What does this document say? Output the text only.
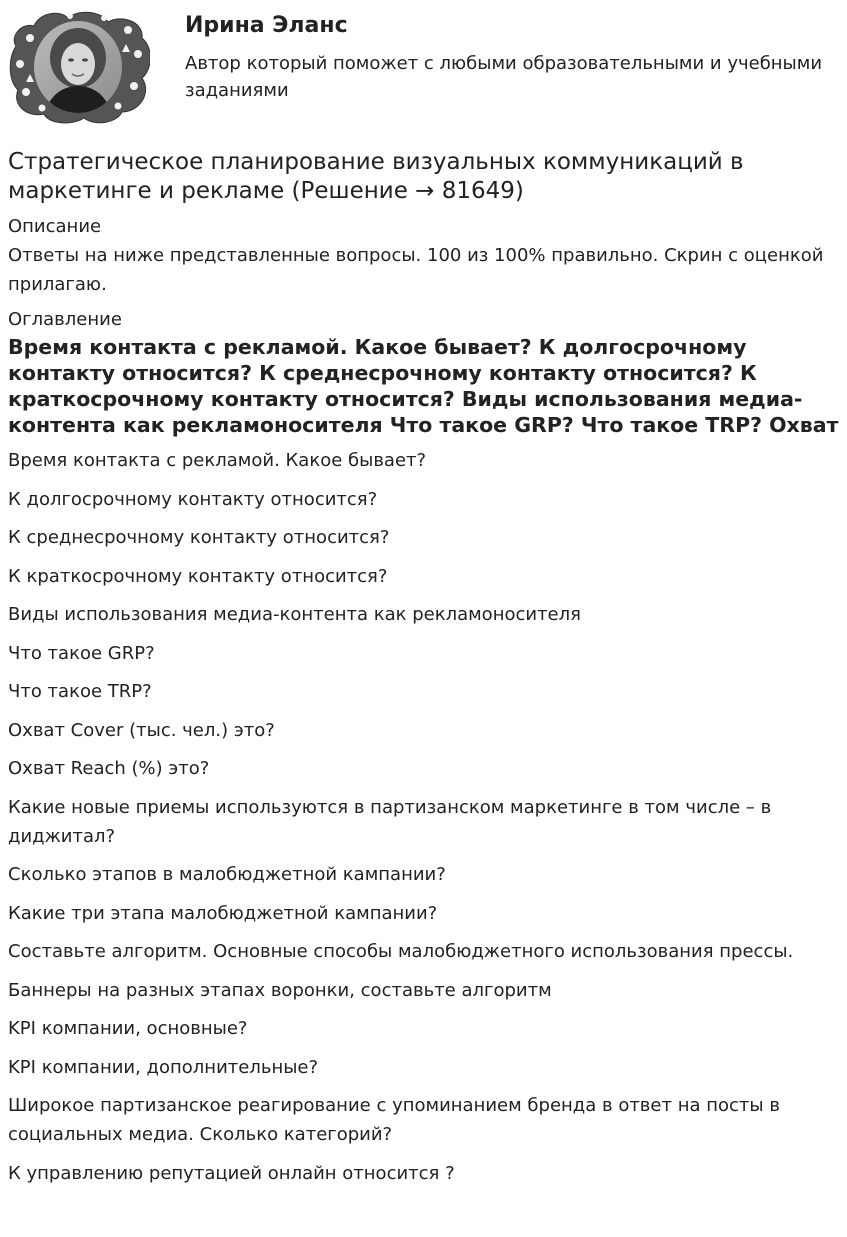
Ирина Эланс
Автор который поможет с любыми образовательными и учебными заданиями
Стратегическое планирование визуальных коммуникаций в маркетинге и рекламе (Решение → 81649)
Описание
Ответы на ниже представленные вопросы. 100 из 100% правильно. Скрин с оценкой прилагаю.
Оглавление
Время контакта с рекламой. Какое бывает? К долгосрочному контакту относится? К среднесрочному контакту относится? К краткосрочному контакту относится? Виды использования медиа-контента как рекламоносителя Что такое GRP? Что такое TRP? Охват
Время контакта с рекламой. Какое бывает?
К долгосрочному контакту относится?
К среднесрочному контакту относится?
К краткосрочному контакту относится?
Виды использования медиа-контента как рекламоносителя
Что такое GRP?
Что такое TRP?
Охват Cover (тыс. чел.) это?
Охват Reach (%) это?
Какие новые приемы используются в партизанском маркетинге в том числе – в диджитал?
Сколько этапов в малобюджетной кампании?
Какие три этапа малобюджетной кампании?
Составьте алгоритм. Основные способы малобюджетного использования прессы.
Баннеры на разных этапах воронки, составьте алгоритм
KPI компании, основные?
KPI компании, дополнительные?
Широкое партизанское реагирование с упоминанием бренда в ответ на посты в социальных медиа. Сколько категорий?
К управлению репутацией онлайн относится ?
